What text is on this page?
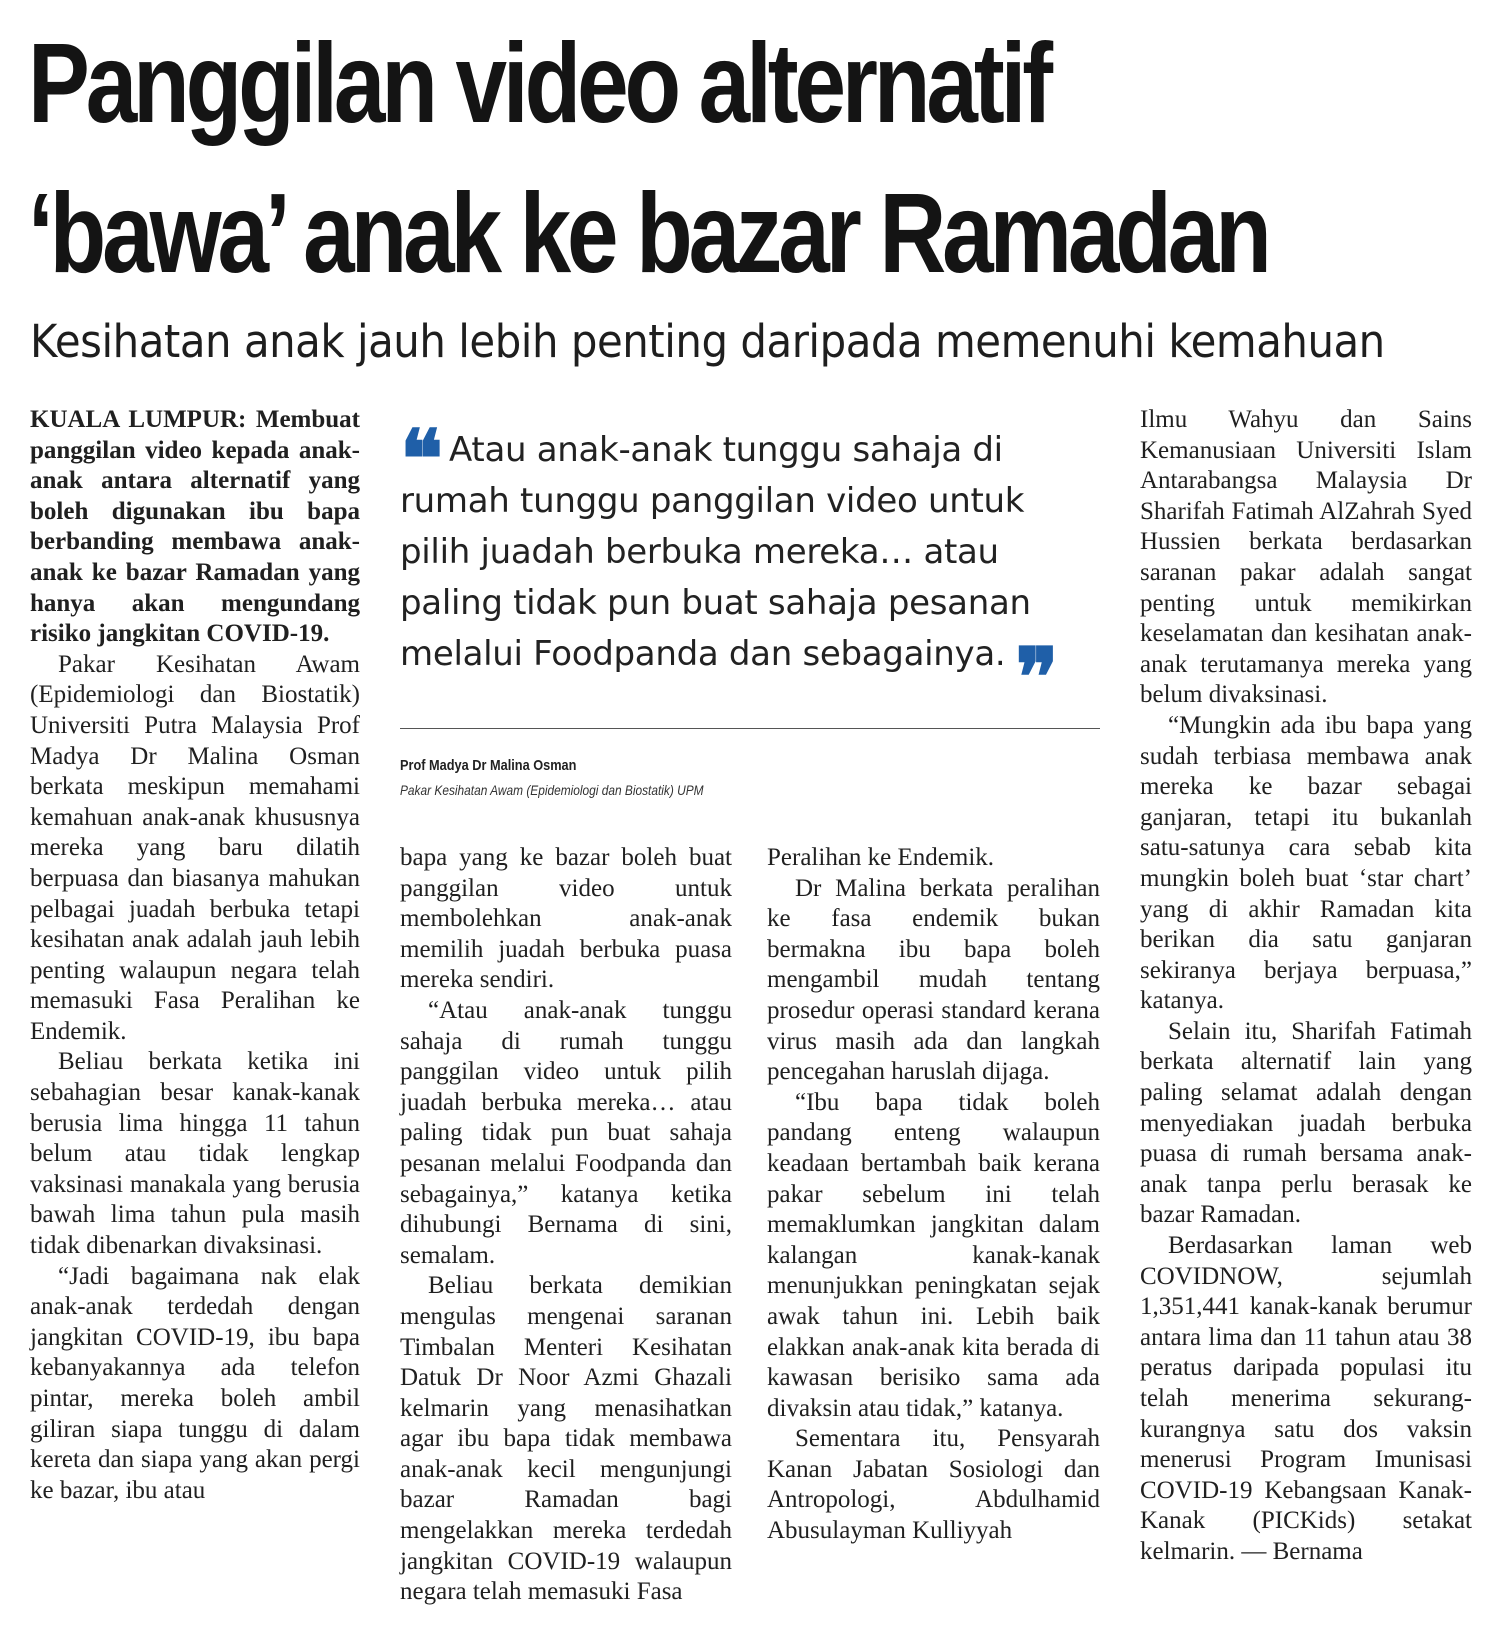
Panggilan video alternatif
‘bawa’ anak ke bazar Ramadan
Kesihatan anak jauh lebih penting daripada memenuhi kemahuan

KUALA LUMPUR: Membuat panggilan video kepada anak-anak antara alternatif yang boleh digunakan ibu bapa berbanding membawa anak-anak ke bazar Ramadan yang hanya akan mengundang risiko jangkitan COVID-19.

Pakar Kesihatan Awam (Epidemiologi dan Biostatik) Universiti Putra Malaysia Prof Madya Dr Malina Osman berkata meskipun memahami kemahuan anak-anak khususnya mereka yang baru dilatih berpuasa dan biasanya mahukan pelbagai juadah berbuka tetapi kesihatan anak adalah jauh lebih penting walaupun negara telah memasuki Fasa Peralihan ke Endemik.

Beliau berkata ketika ini sebahagian besar kanak-kanak berusia lima hingga 11 tahun belum atau tidak lengkap vaksinasi manakala yang berusia bawah lima tahun pula masih tidak dibenarkan divaksinasi.

“Jadi bagaimana nak elak anak-anak terdedah dengan jangkitan COVID-19, ibu bapa kebanyakannya ada telefon pintar, mereka boleh ambil giliran siapa tunggu di dalam kereta dan siapa yang akan pergi ke bazar, ibu atau

❝ Atau anak-anak tunggu sahaja di rumah tunggu panggilan video untuk pilih juadah berbuka mereka… atau paling tidak pun buat sahaja pesanan melalui Foodpanda dan sebagainya. ❞
Prof Madya Dr Malina Osman
Pakar Kesihatan Awam (Epidemiologi dan Biostatik) UPM

bapa yang ke bazar boleh buat panggilan video untuk membolehkan anak-anak memilih juadah berbuka puasa mereka sendiri.

“Atau anak-anak tunggu sahaja di rumah tunggu panggilan video untuk pilih juadah berbuka mereka… atau paling tidak pun buat sahaja pesanan melalui Foodpanda dan sebagainya,” katanya ketika dihubungi Bernama di sini, semalam.

Beliau berkata demikian mengulas mengenai saranan Timbalan Menteri Kesihatan Datuk Dr Noor Azmi Ghazali kelmarin yang menasihatkan agar ibu bapa tidak membawa anak-anak kecil mengunjungi bazar Ramadan bagi mengelakkan mereka terdedah jangkitan COVID-19 walaupun negara telah memasuki Fasa

Peralihan ke Endemik.

Dr Malina berkata peralihan ke fasa endemik bukan bermakna ibu bapa boleh mengambil mudah tentang prosedur operasi standard kerana virus masih ada dan langkah pencegahan haruslah dijaga.

“Ibu bapa tidak boleh pandang enteng walaupun keadaan bertambah baik kerana pakar sebelum ini telah memaklumkan jangkitan dalam kalangan kanak-kanak menunjukkan peningkatan sejak awak tahun ini. Lebih baik elakkan anak-anak kita berada di kawasan berisiko sama ada divaksin atau tidak,” katanya.

Sementara itu, Pensyarah Kanan Jabatan Sosiologi dan Antropologi, Abdulhamid Abusulayman Kulliyyah

Ilmu Wahyu dan Sains Kemanusiaan Universiti Islam Antarabangsa Malaysia Dr Sharifah Fatimah AlZahrah Syed Hussien berkata berdasarkan saranan pakar adalah sangat penting untuk memikirkan keselamatan dan kesihatan anak-anak terutamanya mereka yang belum divaksinasi.

“Mungkin ada ibu bapa yang sudah terbiasa membawa anak mereka ke bazar sebagai ganjaran, tetapi itu bukanlah satu-satunya cara sebab kita mungkin boleh buat ‘star chart’ yang di akhir Ramadan kita berikan dia satu ganjaran sekiranya berjaya berpuasa,” katanya.

Selain itu, Sharifah Fatimah berkata alternatif lain yang paling selamat adalah dengan menyediakan juadah berbuka puasa di rumah bersama anak-anak tanpa perlu berasak ke bazar Ramadan.

Berdasarkan laman web COVIDNOW, sejumlah 1,351,441 kanak-kanak berumur antara lima dan 11 tahun atau 38 peratus daripada populasi itu telah menerima sekurang-kurangnya satu dos vaksin menerusi Program Imunisasi COVID-19 Kebangsaan Kanak-Kanak (PICKids) setakat kelmarin. — Bernama
